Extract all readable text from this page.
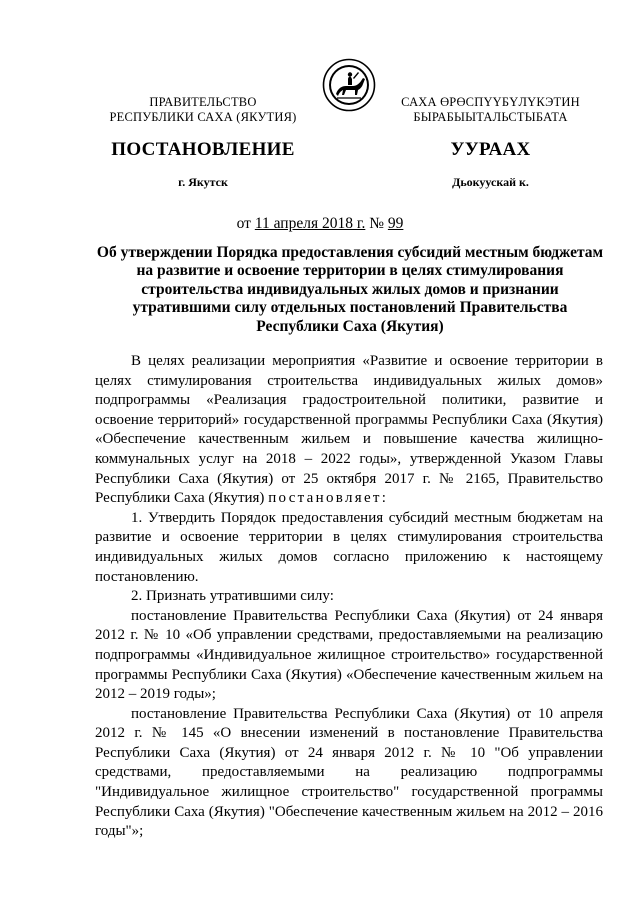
ПРАВИТЕЛЬСТВО
РЕСПУБЛИКИ САХА (ЯКУТИЯ)
САХА ӨРӨСПҮҮБҮЛҮКЭТИН
БЫРАБЫЫТАЛЬСТЫБАТА
ПОСТАНОВЛЕНИЕ	УУРААХ
г. Якутск	Дьокуускай к.
от 11 апреля 2018 г. № 99
Об утверждении Порядка предоставления субсидий местным бюджетам на развитие и освоение территории в целях стимулирования строительства индивидуальных жилых домов и признании утратившими силу отдельных постановлений Правительства Республики Саха (Якутия)

В целях реализации мероприятия «Развитие и освоение территории в целях стимулирования строительства индивидуальных жилых домов» подпрограммы «Реализация градостроительной политики, развитие и освоение территорий» государственной программы Республики Саха (Якутия) «Обеспечение качественным жильем и повышение качества жилищно-коммунальных услуг на 2018 – 2022 годы», утвержденной Указом Главы Республики Саха (Якутия) от 25 октября 2017 г. № 2165, Правительство Республики Саха (Якутия) постановляет:

1. Утвердить Порядок предоставления субсидий местным бюджетам на развитие и освоение территории в целях стимулирования строительства индивидуальных жилых домов согласно приложению к настоящему постановлению.

2. Признать утратившими силу:

постановление Правительства Республики Саха (Якутия) от 24 января 2012 г. № 10 «Об управлении средствами, предоставляемыми на реализацию подпрограммы «Индивидуальное жилищное строительство» государственной программы Республики Саха (Якутия) «Обеспечение качественным жильем на 2012 – 2019 годы»;

постановление Правительства Республики Саха (Якутия) от 10 апреля 2012 г. № 145 «О внесении изменений в постановление Правительства Республики Саха (Якутия) от 24 января 2012 г. № 10 "Об управлении средствами, предоставляемыми на реализацию подпрограммы "Индивидуальное жилищное строительство" государственной программы Республики Саха (Якутия) "Обеспечение качественным жильем на 2012 – 2016 годы"»;
